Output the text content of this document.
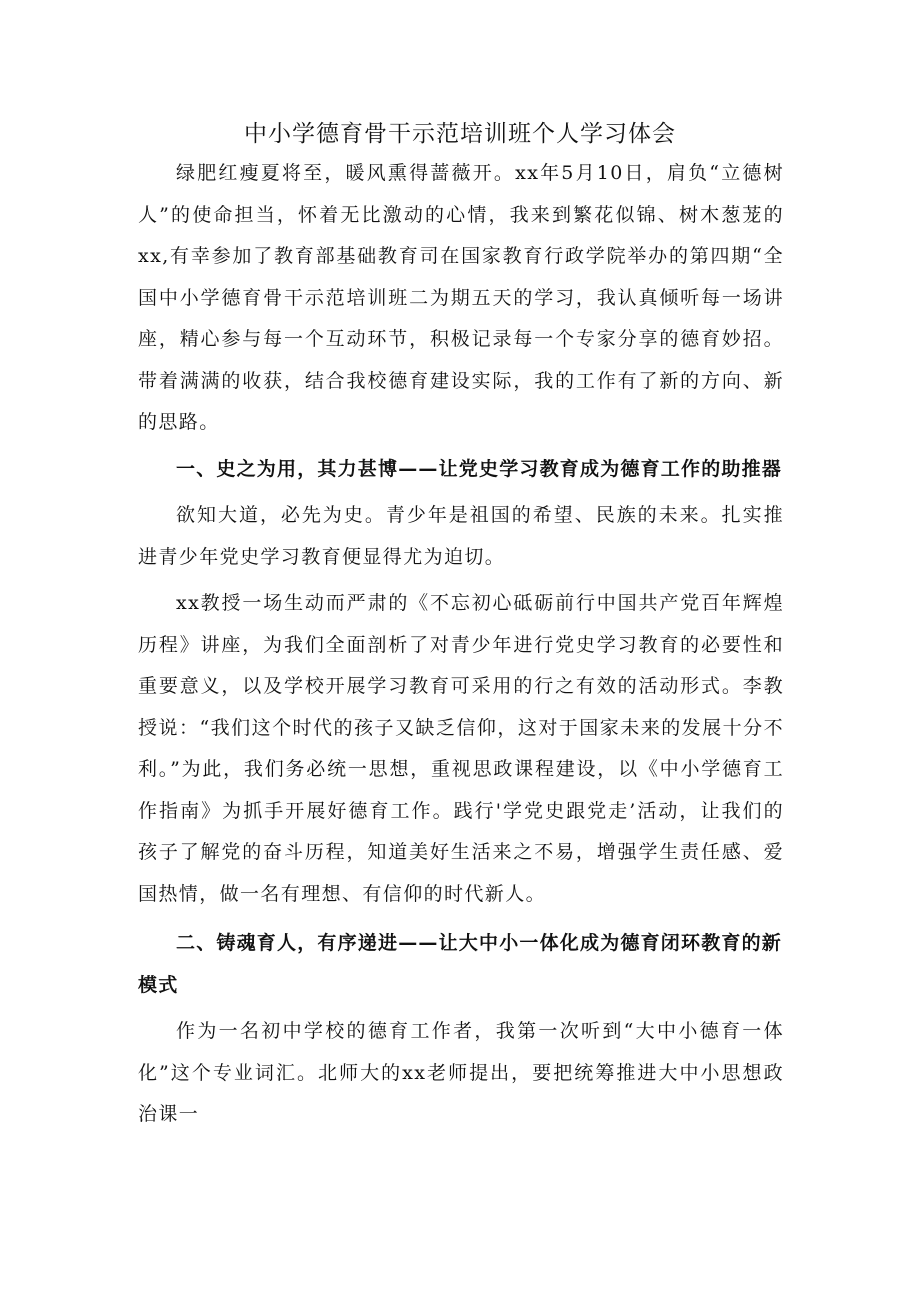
中小学德育骨干示范培训班个人学习体会

绿肥红瘦夏将至，暖风熏得蔷薇开。xx年5月10日，肩负“立德树人”的使命担当，怀着无比激动的心情，我来到繁花似锦、树木葱茏的xx,有幸参加了教育部基础教育司在国家教育行政学院举办的第四期“全国中小学德育骨干示范培训班二为期五天的学习，我认真倾听每一场讲座，精心参与每一个互动环节，积极记录每一个专家分享的德育妙招。带着满满的收获，结合我校德育建设实际，我的工作有了新的方向、新的思路。

一、史之为用，其力甚博——让党史学习教育成为德育工作的助推器

欲知大道，必先为史。青少年是祖国的希望、民族的未来。扎实推进青少年党史学习教育便显得尤为迫切。

xx教授一场生动而严肃的《不忘初心砥砺前行中国共产党百年辉煌历程》讲座，为我们全面剖析了对青少年进行党史学习教育的必要性和重要意义，以及学校开展学习教育可采用的行之有效的活动形式。李教授说：“我们这个时代的孩子又缺乏信仰，这对于国家未来的发展十分不利。”为此，我们务必统一思想，重视思政课程建设，以《中小学德育工作指南》为抓手开展好德育工作。践行'学党史跟党走’活动，让我们的孩子了解党的奋斗历程，知道美好生活来之不易，增强学生责任感、爱国热情，做一名有理想、有信仰的时代新人。

二、铸魂育人，有序递进——让大中小一体化成为德育闭环教育的新模式

作为一名初中学校的德育工作者，我第一次听到“大中小德育一体化”这个专业词汇。北师大的xx老师提出，要把统筹推进大中小思想政治课一
